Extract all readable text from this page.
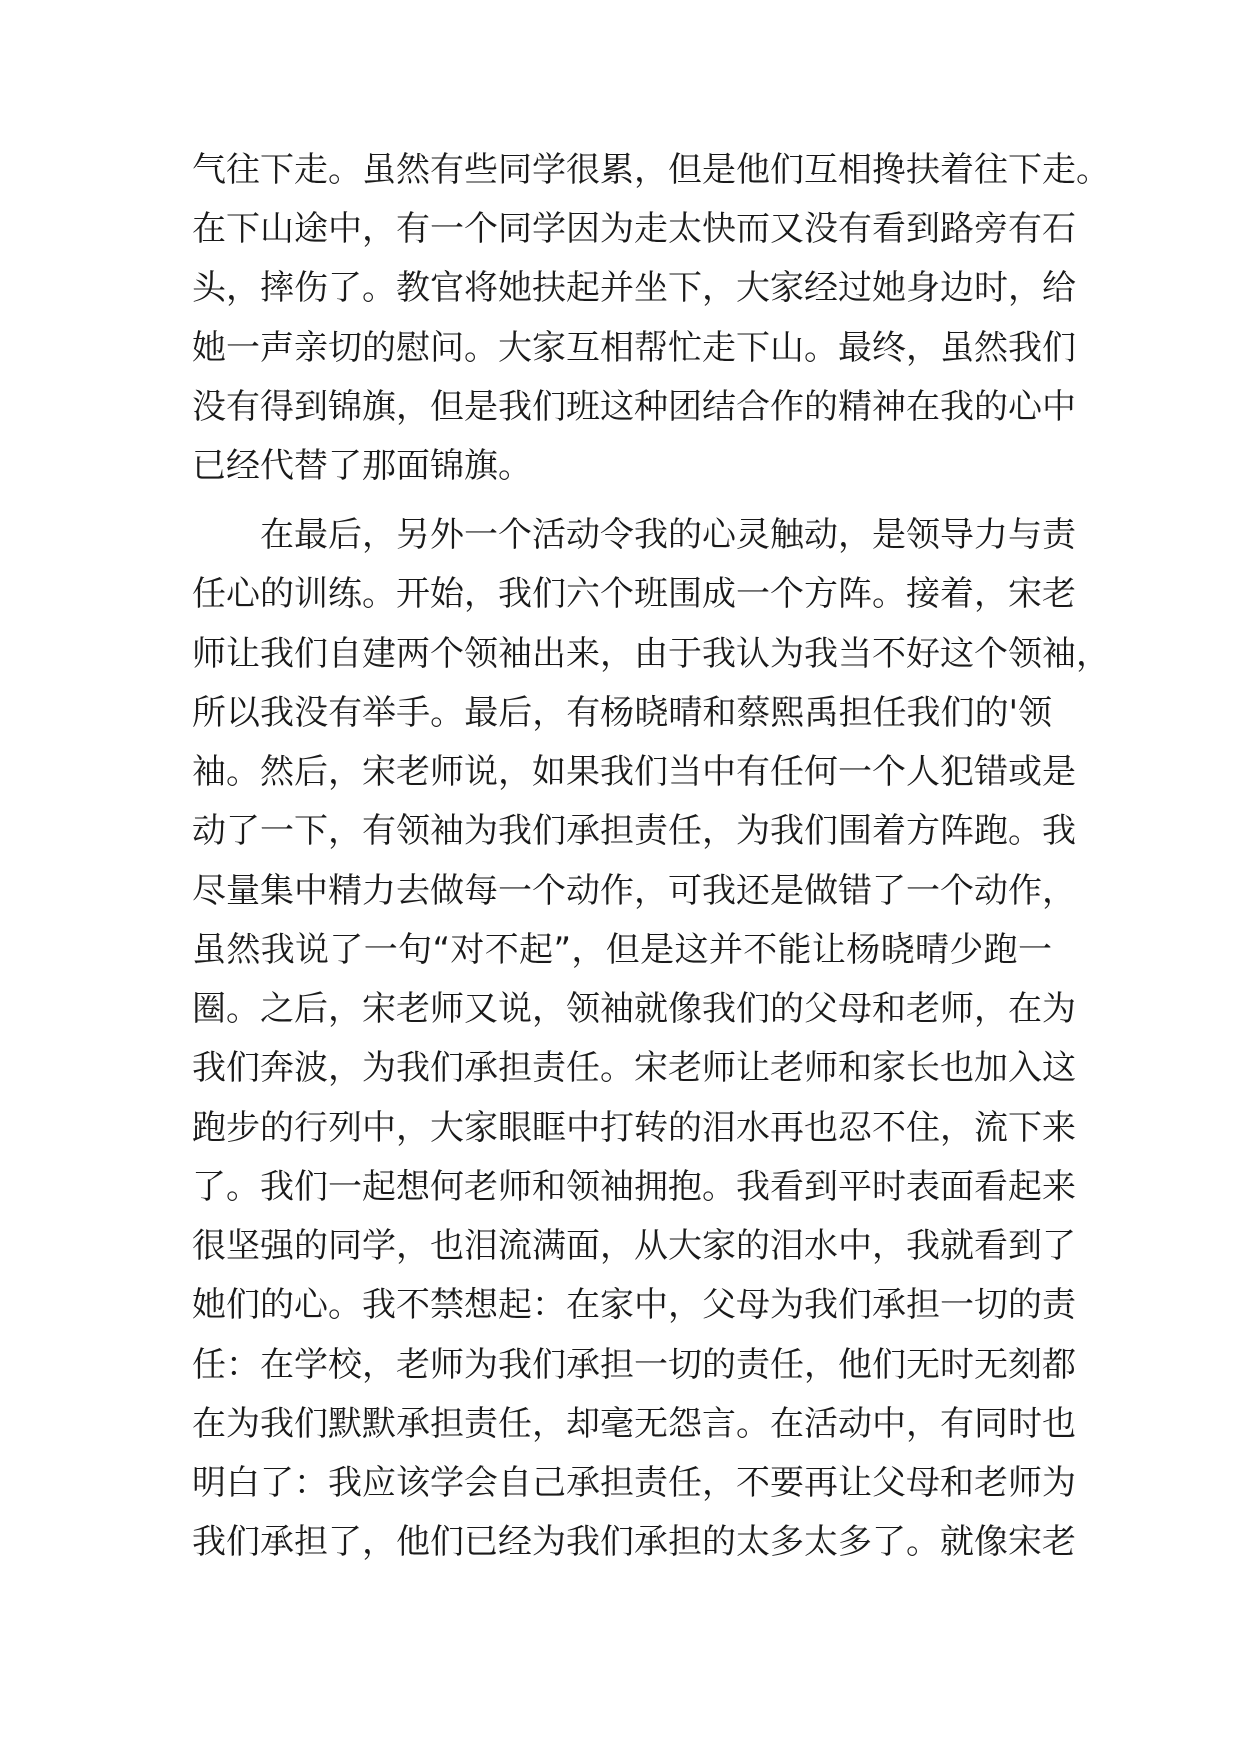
气往下走。虽然有些同学很累，但是他们互相搀扶着往下走。
在下山途中，有一个同学因为走太快而又没有看到路旁有石
头，摔伤了。教官将她扶起并坐下，大家经过她身边时，给
她一声亲切的慰问。大家互相帮忙走下山。最终，虽然我们
没有得到锦旗，但是我们班这种团结合作的精神在我的心中
已经代替了那面锦旗。
在最后，另外一个活动令我的心灵触动，是领导力与责
任心的训练。开始，我们六个班围成一个方阵。接着，宋老
师让我们自建两个领袖出来，由于我认为我当不好这个领袖，
所以我没有举手。最后，有杨晓晴和蔡熙禹担任我们的'领
袖。然后，宋老师说，如果我们当中有任何一个人犯错或是
动了一下，有领袖为我们承担责任，为我们围着方阵跑。我
尽量集中精力去做每一个动作，可我还是做错了一个动作，
虽然我说了一句“对不起”，但是这并不能让杨晓晴少跑一
圈。之后，宋老师又说，领袖就像我们的父母和老师，在为
我们奔波，为我们承担责任。宋老师让老师和家长也加入这
跑步的行列中，大家眼眶中打转的泪水再也忍不住，流下来
了。我们一起想何老师和领袖拥抱。我看到平时表面看起来
很坚强的同学，也泪流满面，从大家的泪水中，我就看到了
她们的心。我不禁想起：在家中，父母为我们承担一切的责
任：在学校，老师为我们承担一切的责任，他们无时无刻都
在为我们默默承担责任，却毫无怨言。在活动中，有同时也
明白了：我应该学会自己承担责任，不要再让父母和老师为
我们承担了，他们已经为我们承担的太多太多了。就像宋老
